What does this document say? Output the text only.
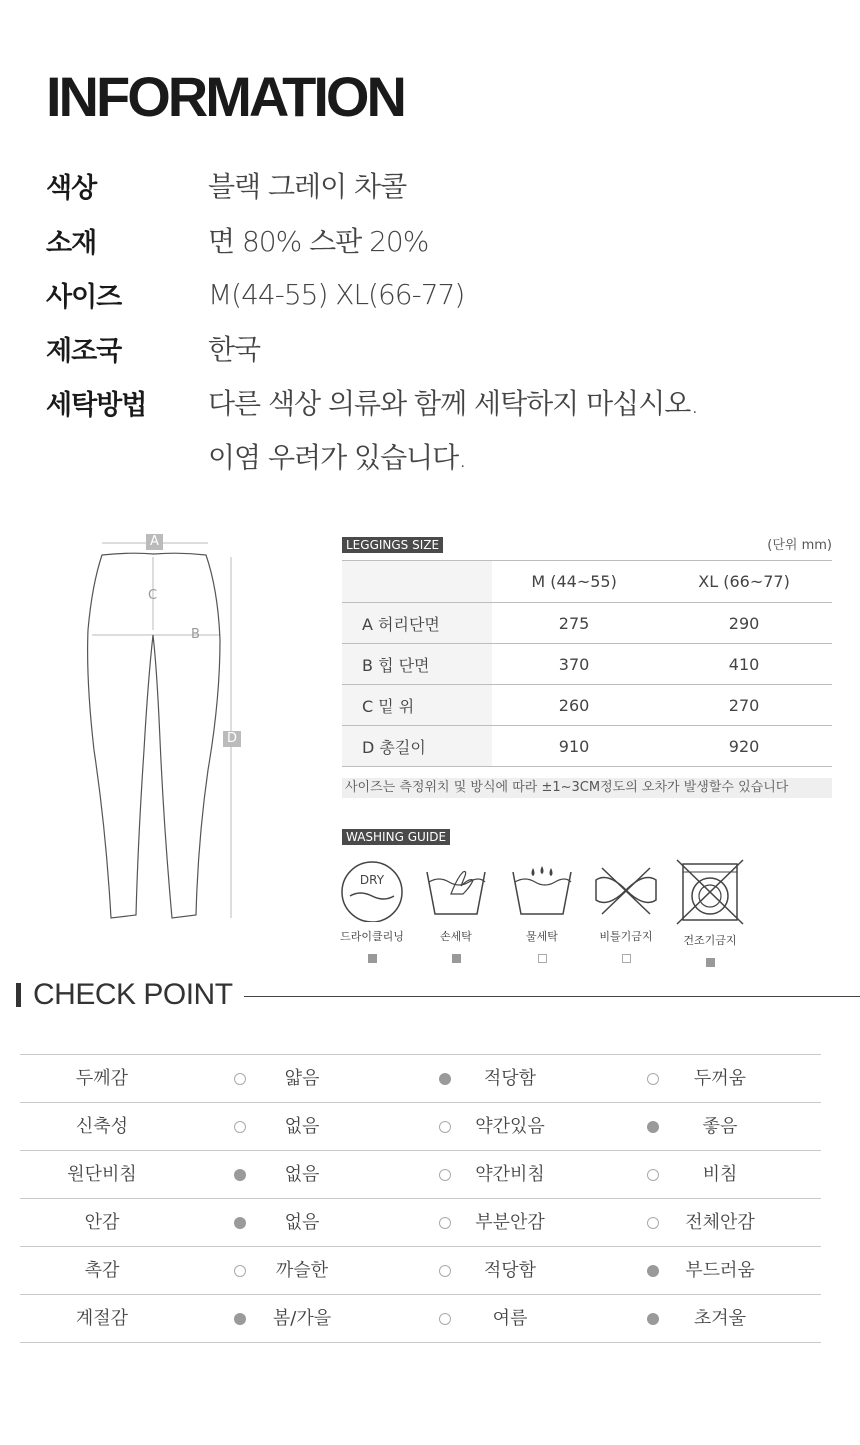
INFORMATION
색상	블랙 그레이 차콜
소재	면 80% 스판 20%
사이즈	M(44-55) XL(66-77)
제조국	한국
세탁방법	다른 색상 의류와 함께 세탁하지 마십시오.
이염 우려가 있습니다.
A
C
B
D
LEGGINGS SIZE	(단위 mm)
	M (44~55)	XL (66~77)
A 허리단면	275	290
B 힙 단면	370	410
C 밑 위	260	270
D 총길이	910	920
사이즈는 측정위치 및 방식에 따라 ±1~3CM정도의 오차가 발생할수 있습니다
WASHING GUIDE
DRY
드라이클리닝	손세탁	물세탁	비틀기금지	건조기금지
CHECK POINT
두께감	얇음	적당함	두꺼움
신축성	없음	약간있음	좋음
원단비침	없음	약간비침	비침
안감	없음	부분안감	전체안감
촉감	까슬한	적당함	부드러움
계절감	봄/가을	여름	초겨울
